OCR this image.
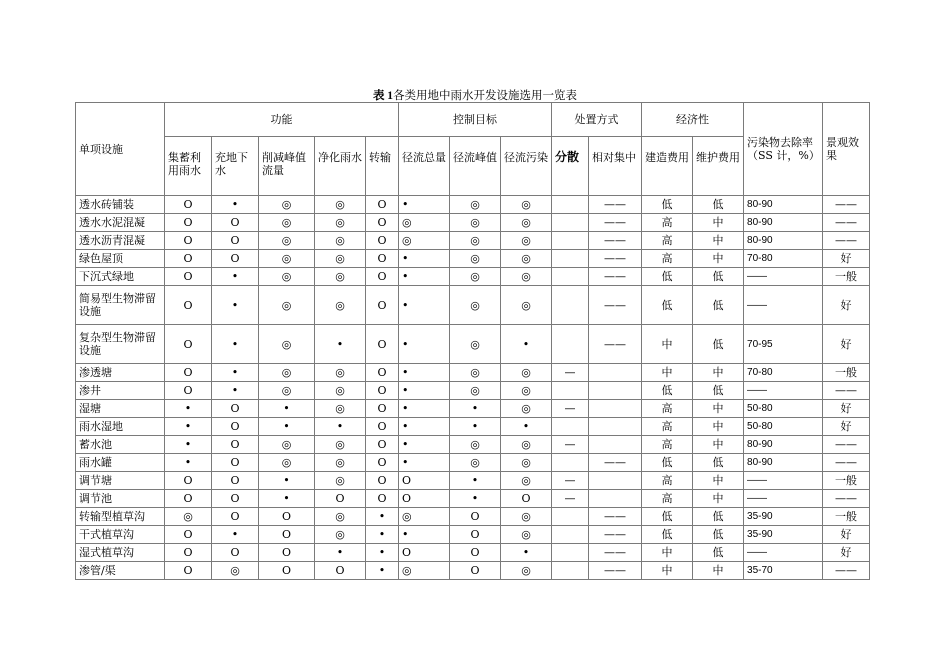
表 1各类用地中雨水开发设施选用一览表
单项设施	功能					控制目标			处置方式		经济性		污染物去除率（SS 计，%）	景观效果
	集蓄利用雨水	充地下水	削减峰值流量	净化雨水	转输	径流总量	径流峰值	径流污染	分散	相对集中	建造费用	维护费用		
透水砖铺装	O	•	◎	◎	O	•	◎	◎		——	低	低	80-90	——
透水水泥混凝	O	O	◎	◎	O	◎	◎	◎		——	高	中	80-90	——
透水沥青混凝	O	O	◎	◎	O	◎	◎	◎		——	高	中	80-90	——
绿色屋顶	O	O	◎	◎	O	•	◎	◎		——	高	中	70-80	好
下沉式绿地	O	•	◎	◎	O	•	◎	◎		——	低	低	——	一般
简易型生物滞留设施	O	•	◎	◎	O	•	◎	◎		——	低	低	——	好
复杂型生物滞留设施	O	•	◎	•	O	•	◎	•		——	中	低	70-95	好
渗透塘	O	•	◎	◎	O	•	◎	◎	—		中	中	70-80	一般
渗井	O	•	◎	◎	O	•	◎	◎			低	低	——	——
湿塘	•	O	•	◎	O	•	•	◎	—		高	中	50-80	好
雨水湿地	•	O	•	•	O	•	•	•			高	中	50-80	好
蓄水池	•	O	◎	◎	O	•	◎	◎	—		高	中	80-90	——
雨水罐	•	O	◎	◎	O	•	◎	◎		——	低	低	80-90	——
调节塘	O	O	•	◎	O	O	•	◎	—		高	中	——	一般
调节池	O	O	•	O	O	O	•	O	—		高	中	——	——
转输型植草沟	◎	O	O	◎	•	◎	O	◎		——	低	低	35-90	一般
干式植草沟	O	•	O	◎	•	•	O	◎		——	低	低	35-90	好
湿式植草沟	O	O	O	•	•	O	O	•		——	中	低	——	好
渗管/渠	O	◎	O	O	•	◎	O	◎		——	中	中	35-70	——
